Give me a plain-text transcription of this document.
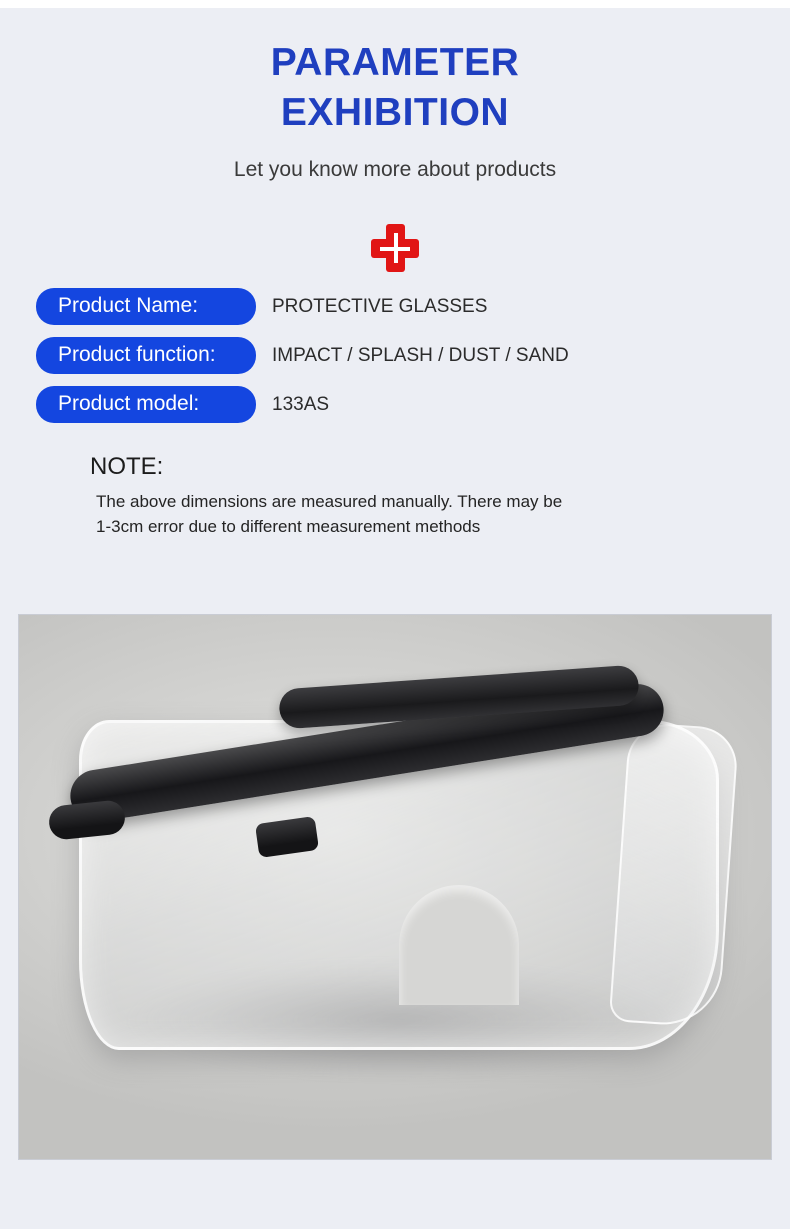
PARAMETER
EXHIBITION
Let you know more about products
Product Name:	PROTECTIVE GLASSES
Product function:	IMPACT / SPLASH / DUST / SAND
Product model:	133AS
NOTE:
The above dimensions are measured manually. There may be
1-3cm error due to different measurement methods
